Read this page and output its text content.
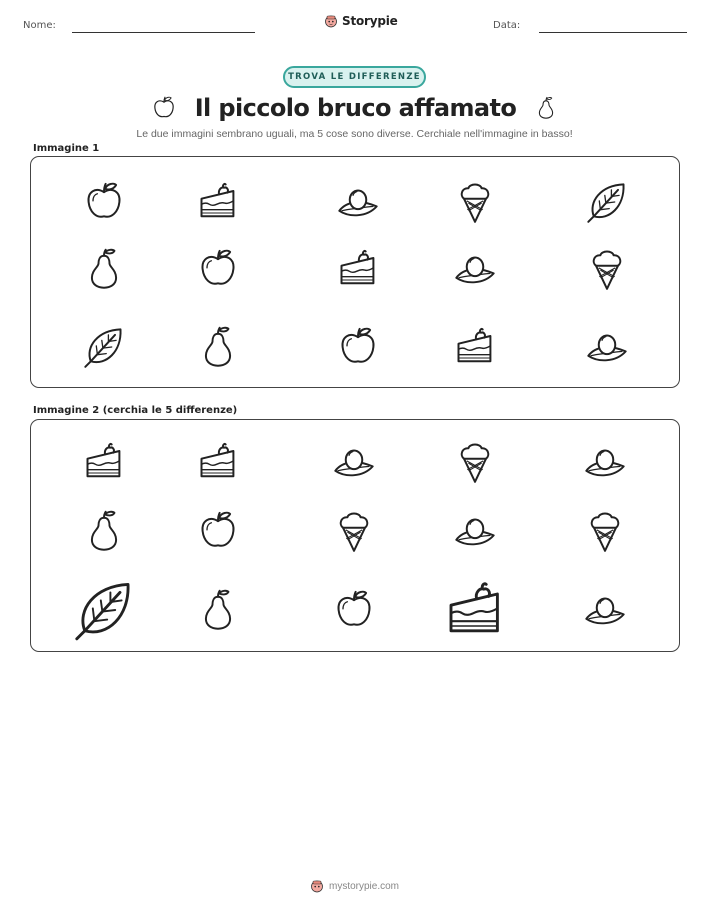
Nome:	Storypie	Data:
TROVA LE DIFFERENZE
Il piccolo bruco affamato
Le due immagini sembrano uguali, ma 5 cose sono diverse. Cerchiale nell'immagine in basso!
Immagine 1
Immagine 2 (cerchia le 5 differenze)
mystorypie.com
